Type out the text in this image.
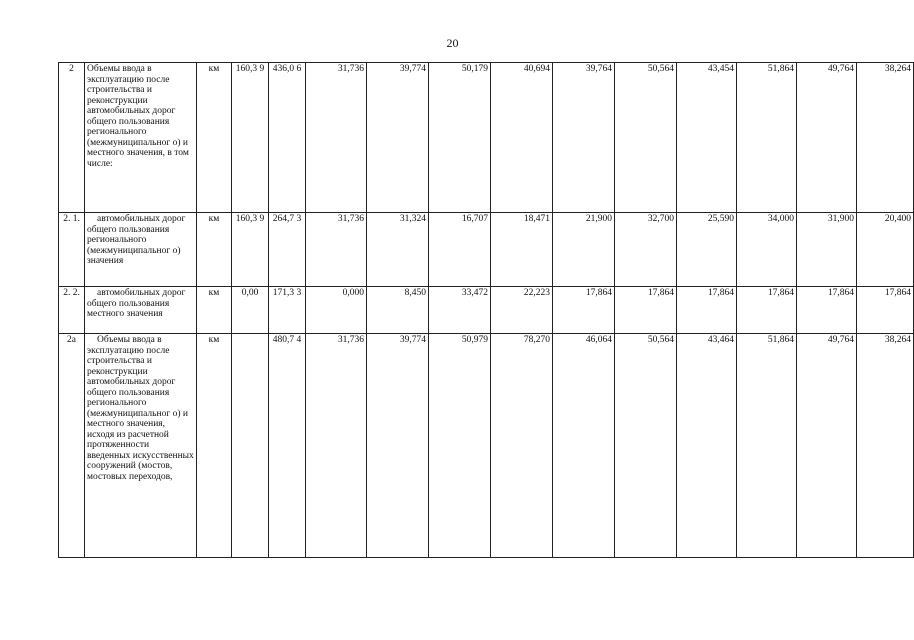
20
2	Объемы ввода в эксплуатацию после строительства и реконструкции автомобильных дорог общего пользования регионального (межмуниципальног о) и местного значения, в том числе:	км	160,3 9	436,0 6	31,736	39,774	50,179	40,694	39,764	50,564	43,454	51,864	49,764	38,264
2. 1.	автомобильных дорог общего пользования регионального (межмуниципальног о) значения	км	160,3 9	264,7 3	31,736	31,324	16,707	18,471	21,900	32,700	25,590	34,000	31,900	20,400
2. 2.	автомобильных дорог общего пользования местного значения	км	0,00	171,3 3	0,000	8,450	33,472	22,223	17,864	17,864	17,864	17,864	17,864	17,864
2а	Объемы ввода в эксплуатацию после строительства и реконструкции автомобильных дорог общего пользования регионального (межмуниципальног о) и местного значения, исходя из расчетной протяженности введенных искусственных сооружений (мостов, мостовых переходов,	км		480,7 4	31,736	39,774	50,979	78,270	46,064	50,564	43,464	51,864	49,764	38,264
